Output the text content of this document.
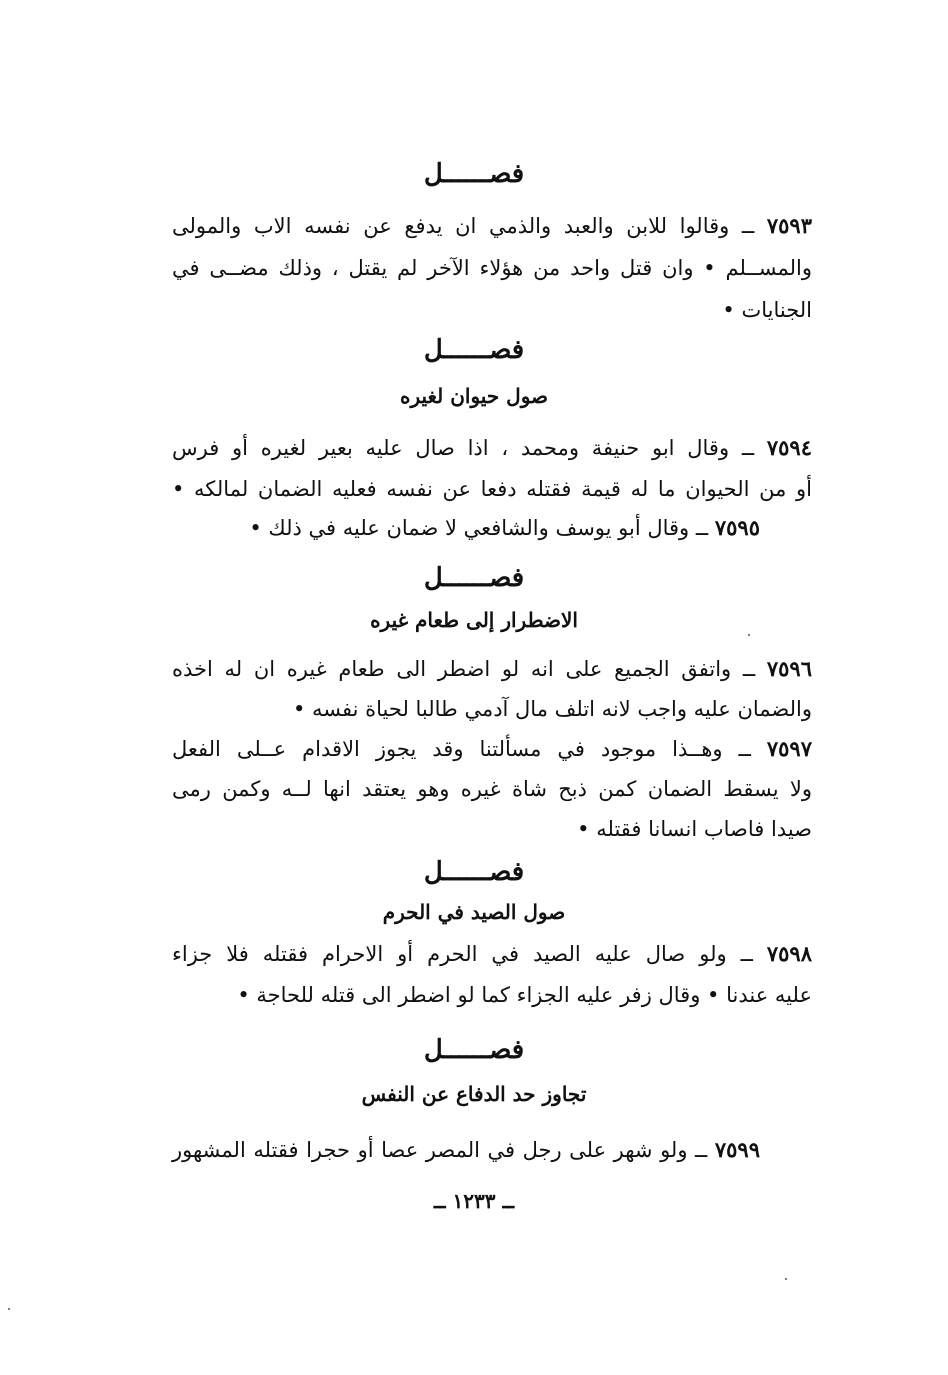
فصــــــل
٧٥٩٣ ــ وقالوا للابن والعبد والذمي ان يدفع عن نفسه الاب والمولى
والمســلم • وان قتل واحد من هؤلاء الآخر لم يقتل ، وذلك مضــى في
الجنايات •
فصــــــل
صول حيوان لغيره
٧٥٩٤ ــ وقال ابو حنيفة ومحمد ، اذا صال عليه بعير لغيره أو فرس
أو من الحيوان ما له قيمة فقتله دفعا عن نفسه فعليه الضمان لمالكه •
٧٥٩٥ ــ وقال أبو يوسف والشافعي لا ضمان عليه في ذلك •
فصــــــل
الاضطرار إلى طعام غيره
٧٥٩٦ ــ واتفق الجميع على انه لو اضطر الى طعام غيره ان له اخذه
والضمان عليه واجب لانه اتلف مال آدمي طالبا لحياة نفسه •
٧٥٩٧ ــ وهــذا موجود في مسألتنا وقد يجوز الاقدام عــلى الفعل
ولا يسقط الضمان كمن ذبح شاة غيره وهو يعتقد انها لــه وكمن رمى
صيدا فاصاب انسانا فقتله •
فصــــــل
صول الصيد في الحرم
٧٥٩٨ ــ ولو صال عليه الصيد في الحرم أو الاحرام فقتله فلا جزاء
عليه عندنا • وقال زفر عليه الجزاء كما لو اضطر الى قتله للحاجة •
فصــــــل
تجاوز حد الدفاع عن النفس
٧٥٩٩ ــ ولو شهر على رجل في المصر عصا أو حجرا فقتله المشهور
ــ ١٢٣٣ ــ
